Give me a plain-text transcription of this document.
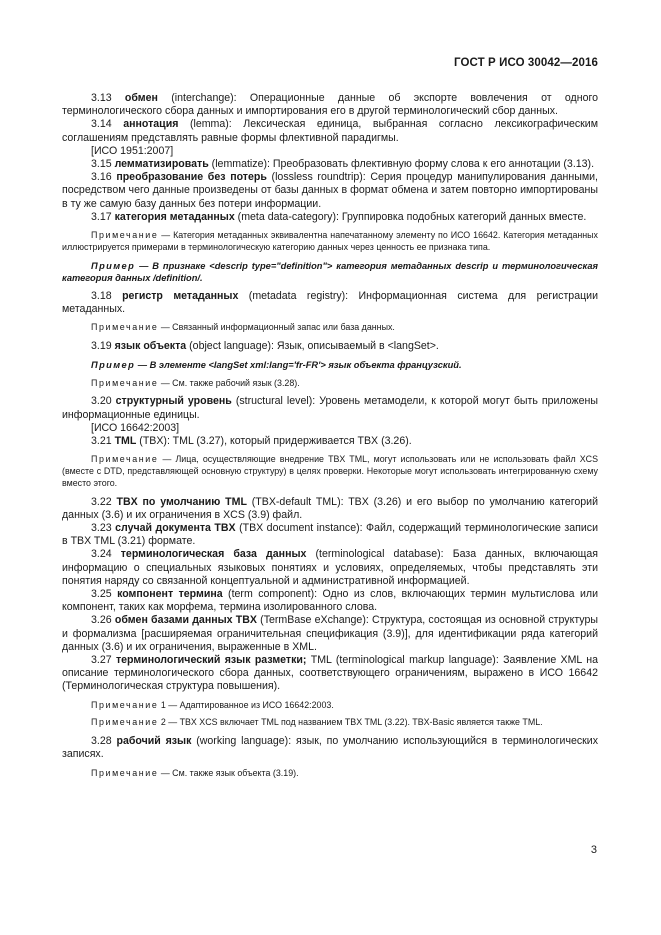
ГОСТ Р ИСО 30042—2016

3.13 обмен (interchange): Операционные данные об экспорте вовлечения от одного терминологического сбора данных и импортирования его в другой терминологический сбор данных.

3.14 аннотация (lemma): Лексическая единица, выбранная согласно лексикографическим соглашениям представлять равные формы флективной парадигмы.

[ИСО 1951:2007]

3.15 лемматизировать (lemmatize): Преобразовать флективную форму слова к его аннотации (3.13).

3.16 преобразование без потерь (lossless roundtrip): Серия процедур манипулирования данными, посредством чего данные произведены от базы данных в формат обмена и затем повторно импортированы в ту же самую базу данных без потери информации.

3.17 категория метаданных (meta data-category): Группировка подобных категорий данных вместе.

Примечание — Категория метаданных эквивалентна напечатанному элементу по ИСО 16642. Категория метаданных иллюстрируется примерами в терминологическую категорию данных через ценность ее признака типа.

Пример — В признаке <descrip type="definition"> категория метаданных descrip и терминологическая категория данных /definition/.

3.18 регистр метаданных (metadata registry): Информационная система для регистрации метаданных.

Примечание — Связанный информационный запас или база данных.

3.19 язык объекта (object language): Язык, описываемый в <langSet>.

Пример — В элементе <langSet xml:lang='fr-FR'> язык объекта французский.

Примечание — См. также рабочий язык (3.28).

3.20 структурный уровень (structural level): Уровень метамодели, к которой могут быть приложены информационные единицы.

[ИСО 16642:2003]

3.21 TML (TBX): TML (3.27), который придерживается TBX (3.26).

Примечание — Лица, осуществляющие внедрение TBX TML, могут использовать или не использовать файл XCS (вместе с DTD, представляющей основную структуру) в целях проверки. Некоторые могут использовать интегрированную схему вместо этого.

3.22 TBX по умолчанию TML (TBX-default TML): TBX (3.26) и его выбор по умолчанию категорий данных (3.6) и их ограничения в XCS (3.9) файл.

3.23 случай документа TBX (TBX document instance): Файл, содержащий терминологические записи в TBX TML (3.21) формате.

3.24 терминологическая база данных (terminological database): База данных, включающая информацию о специальных языковых понятиях и условиях, определяемых, чтобы представлять эти понятия наряду со связанной концептуальной и административной информацией.

3.25 компонент термина (term component): Одно из слов, включающих термин мультислова или компонент, таких как морфема, термина изолированного слова.

3.26 обмен базами данных TBX (TermBase eXchange): Структура, состоящая из основной структуры и формализма [расширяемая ограничительная спецификация (3.9)], для идентификации ряда категорий данных (3.6) и их ограничения, выраженные в XML.

3.27 терминологический язык разметки; TML (terminological markup language): Заявление XML на описание терминологического сбора данных, соответствующего ограничениям, выражено в ИСО 16642 (Терминологическая структура повышения).

Примечание 1 — Адаптированное из ИСО 16642:2003.

Примечание 2 — TBX XCS включает TML под названием TBX TML (3.22). TBX-Basic является также TML.

3.28 рабочий язык (working language): язык, по умолчанию использующийся в терминологических записях.

Примечание — См. также язык объекта (3.19).

3
